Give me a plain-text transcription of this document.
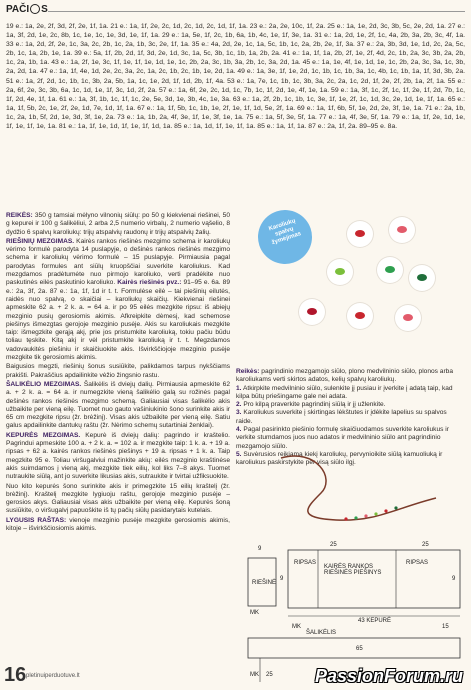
PAČI S
19 e.: 1a, 2e, 2f, 3d, 2f, 2e, 1f, 1a. 21 e.: 1a, 1f, 2e, 2c, 1d, 2c, 1d, 2c, 1d, 1f, 1a. 23 e.: 2a, 2e, 10c, 1f, 2a. 25 e.: 1a, 1e, 2d, 3c, 3b, 5c, 2e, 2d, 1a. 27 e.: 1a, 3f, 2d, 1e, 2c, 8b, 1c, 1e, 1c, 1e, 3d, 1e, 1f, 1a. 29 e.: 1a, 5e, 1f, 2c, 1b, 6a, 1b, 4c, 1e, 1f, 3e, 1a. 31 e.: 1a, 2d, 1e, 2f, 1c, 4a, 2b, 3a, 2b, 3c, 4f, 1a. 33 e.: 1a, 2d, 2f, 2e, 1c, 3a, 2c, 2b, 1c, 2a, 1b, 3c, 2e, 1f, 1a. 35 e.: 4a, 2d, 2e, 1c, 1a, 5c, 1b, 1c, 2a, 2b, 2e, 1f, 3a. 37 e.: 2a, 3b, 3d, 1e, 1d, 2c, 2a, 5c, 2b, 1c, 1a, 2b, 1e, 1a. 39 e.: 5a, 1f, 2b, 2d, 1f, 3d, 2e, 1d, 3c, 1a, 5c, 3b, 1c, 1b, 1a, 2b, 2a. 41 e.: 1a, 1f, 1a, 2b, 2f, 1e, 2f, 4d, 2c, 1b, 2a, 3c, 3b, 2a, 2b, 1c, 2a, 1b, 1a. 43 e.: 1a, 2f, 1e, 3c, 1f, 1e, 1f, 1e, 1d, 1e, 1c, 2b, 2a, 3c, 1b, 3a, 2b, 1c, 3a, 2d, 1a. 45 e.: 1a, 1e, 4f, 1e, 1d, 1e, 1c, 2b, 2a, 3c, 3a, 1c, 3b, 2a, 2d, 1a. 47 e.: 1a, 1f, 4e, 1d, 2e, 2c, 3a, 2c, 1a, 2c, 1b, 2c, 1b, 1e, 2d, 1a. 49 e.: 1a, 3e, 1f, 1e, 2d, 1c, 1b, 1c, 1b, 3a, 1c, 4b, 1c, 1b, 1a, 1f, 3d, 3b, 2a. 51 e.: 1a, 2f, 2d, 1c, 1b, 1c, 3b, 2a, 5b, 1a, 1c, 1e, 2d, 1f, 1d, 2b, 1f, 4a. 53 e.: 1a, 7e, 1c, 1b, 1c, 3b, 3a, 2c, 2a, 1c, 2d, 1f, 2e, 2f, 2b, 1a, 2f, 1a. 55 e.: 2a, 6f, 2e, 3c, 3b, 6a, 1c, 1d, 1e, 1f, 3c, 1d, 2f, 2a. 57 e.: 1a, 6f, 2e, 2c, 1d, 1c, 7b, 1c, 1f, 2d, 1e, 4f, 1e, 1a. 59 e.: 1a, 3f, 1c, 2f, 1c, 1f, 2e, 1f, 2d, 7b, 1c, 1f, 2d, 4e, 1f, 1a. 61 e.: 1a, 3f, 1b, 1c, 1f, 1c, 2e, 5e, 3d, 1e, 3b, 4c, 1e, 3a. 63 e.: 1a, 2f, 2b, 1c, 1b, 1c, 3e, 1f, 1e, 2f, 1c, 1d, 3c, 2e, 1d, 1e, 1f, 1a. 65 e.: 1a, 1f, 5b, 2c, 1e, 2f, 2e, 1d, 7e, 1d, 1f, 1a. 67 e.: 1a, 1f, 5b, 1c, 1b, 1e, 2f, 1e, 1f, 1d, 5e, 2f, 1a. 69 e.: 1a, 1f, 6b, 5f, 1e, 2d, 2e, 3f, 1e, 1a. 71 e.: 2a, 1b, 1c, 2a, 1b, 5f, 2d, 1e, 3d, 3f, 1e, 2a. 73 e.: 1a, 1b, 2a, 4f, 3e, 1f, 1e, 3f, 1e, 1a. 75 e.: 1a, 5f, 3e, 5f, 1a. 77 e.: 1a, 4f, 3e, 5f, 1a. 79 e.: 1a, 1f, 2e, 1d, 1e, 1f, 1e, 1f, 1e, 1a. 81 e.: 1a, 1f, 1e, 1d, 1f, 1e, 1f, 1d, 1a. 85 e.: 1a, 1d, 1f, 1e, 1f, 1a. 85 e.: 1a, 1f, 1a. 87 e.: 2a, 1f, 2a. 89–95 e. 8a.

REIKĖS: 350 g tamsiai mėlyno vilnonių siūlų: po 50 g kiekvienai riešinei, 50 g kepurei ir 100 g šalikėliui, 2 arba 2,5 numerio virbalų, 2 numerio vąšelio, 8 dydžio 6 spalvų karoliukų: trijų atspalvių raudonų ir trijų atspalvių žalių.

RIEŠINIŲ MEZGIMAS. Kairės rankos riešinės mezgimo schema ir karoliukų vėrimo formulė parodyta 14 puslapyje, o dešinės rankos riešinės mezgimo schema ir karoliukų vėrimo formulė – 15 puslapyje. Pirmiausia pagal parodytas formules ant siūlų kruopščiai suverkite karoliukus. Kad mezgdamos pradėtumėte nuo pirmojo karoliuko, verti pradėkite nuo paskutinės eilės paskutinio karoliuko. Kairės riešinės pvz.: 91–95 e. 6a. 89 e.: 2a, 3f, 2a. 87 e.: 1a, 1f, 1d ir t. t. Formulėse eilė – tai piešinių eilutės, raidės nuo spalvą, o skaičiai – karoliukų skaičių. Kiekvienai riešinei apmeskite 62 a. + 2 k. a. = 64 a. ir po 95 eilės mezgkite ripsu: iš abiejų mezginio pusių gerosiomis akimis. Afkreipkite dėmesį, kad schemose piešinys išmezgtas gerojoje mezginio pusėje. Akis su karoliukais mezgkite taip: išmegzkite gerąją akį, prie jos pristumkite karoliuką, tokiu pačiu būdu toliau tęskite. Kitą akį ir vėl pristumkite karoliuką ir t. t. Megzdamos vadovaukitės piešiniu ir skaičiuokite akis. Išvirkščiojoje mezginio pusėje mezgkite tik gerosiomis akimis.

Baigusios megzti, riešinių šonus susiūkite, palikdamos tarpus nykščiams prakišti. Pakraščius apdailinkite vėžio žingsnio rastu.

ŠALIKĖLIO MEZGIMAS. Šalikėlis iš dviejų dalių. Pirmiausia apmeskite 62 a. + 2 k. a. = 64 a. ir numegzkite vieną šalikėlio galą su rožinės pagal dešinės rankos riešinės mezgimo schemą. Galiausiai visas šalikėlio akis užbaikite per vieną eilę. Tuomet nuo gauto vašiniukinio šono surinkite akis ir 65 cm mezgkite ripsu (žr. brėžinį). Visas akis užbaikite per vieną eilę. Satiu galus apdailinkite dantukų raštu (žr. Nėrimo schemų sutartiniai ženklai).

KEPURĖS MEZGIMAS. Kepurė iš dviejų dalių: pagrindo ir kraštelio. Pagrindui apmeskite 100 a. + 2 k. a. = 102 a. ir mezgkite taip: 1 k. a. + 19 a. ripsas + 62 a. kairės rankos riešinės piešinys + 19 a. ripsas + 1 k. a. Taip megzkite 95 e. Toliau viršugalviui mažinkite akių: eilės mezginio kraštinėse akis suimdamos į vieną akį, mezgkite tiek eilių, kol liks 7–8 akys. Tuomet nutraukite siūlą, ant jo suverkite likusias akis, sutraukite ir tvirtai užfiksuokite.

Nuo kito kepurės šono surinkite akis ir primegzkite 15 eilių kraštelį (žr. brėžinį). Kraštelį mezgkite lygiuoju raštu, gerojoje mezginio pusėje – gerosios akys. Galiausiai visas akis užbaikite per vieną eilę. Kepurės šoną susiūkite, o viršugalvį papuoškite iš tų pačių siūlų pasidarytais kutelais.

LYGUSIS RAŠTAS: vienoje mezginio pusėje mezgkite gerosiomis akimis, kitoje – išvirkščiosiomis akimis.

Karoliukų spalvų žymėjimas

Reikės: pagrindinio mezgamojo siūlo, plono medvilninio siūlo, plonos arba karoliukams verti skirtos adatos, kelių spalvų karoliukų.

1. Atkirpkite medvilninio siūlo, sulenkite jį pusiau ir įverkite į adatą taip, kad kilpa būtų priešingame gale nei adata.

2. Pro kilpą praverkite pagrindinį siūlą ir jį užlenkite.

3. Karoliukus suverkite į skirtingas lėkštutes ir įdėkite lapelius su spalvos raide.

4. Pagal pasirinkto piešinio formulę skaičiuodamos suverkite karoliukus ir verkite stumdamos juos nuo adatos ir medvilninio siūlo ant pagrindinio mezgamojo siūlo.

5. Suvėrusios reikiamą kiekį karoliukų, pervynioikite siūlą kamuoliuką ir karoliukus paskirstykite per visą siūlo ilgį.

RIEŠINĖ
9
25	25
9	9
RIPSAS
KAIRĖS RANKOS RIEŠINĖS PIEŠINYS
RIPSAS
43 KEPURĖ
MK
MK	15
ŠALIKĖLIS
65
MK 25
16 pletinuiperduotuve.lt	PassionForum.ru
